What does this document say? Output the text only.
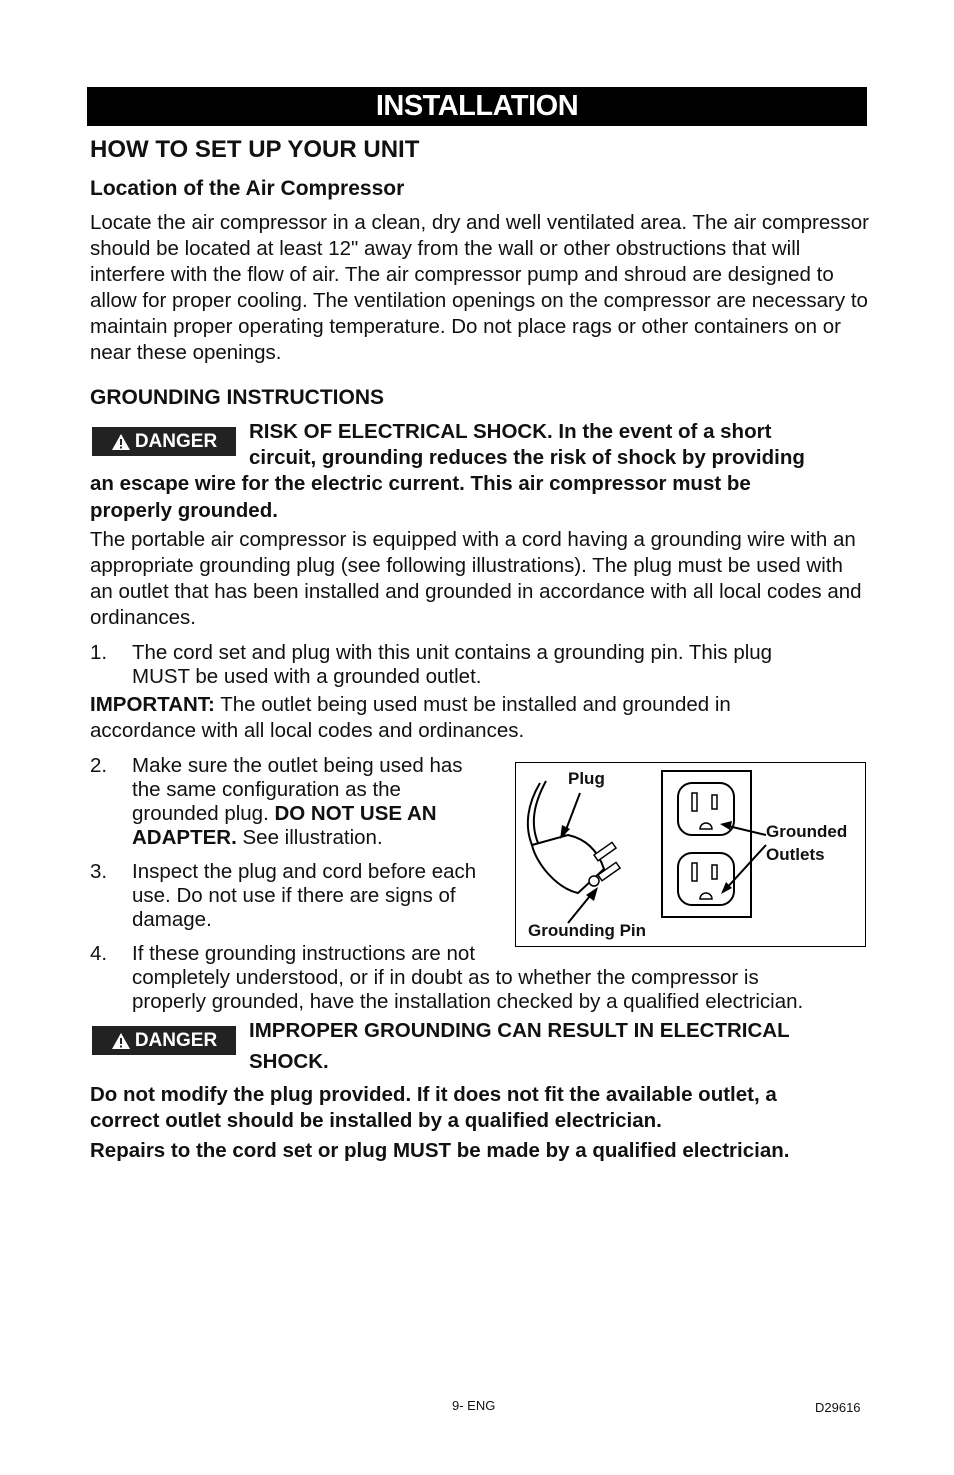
INSTALLATION
HOW TO SET UP YOUR UNIT
Location of the Air Compressor
Locate the air compressor in a clean, dry and well ventilated area. The air compressor should be located at least 12" away from the wall or other obstructions that will interfere with the flow of air. The air compressor pump and shroud are designed to allow for proper cooling. The ventilation openings on the compressor are necessary to maintain proper operating temperature. Do not place rags or other containers on or near these openings.
GROUNDING INSTRUCTIONS
DANGER RISK OF ELECTRICAL SHOCK. In the event of a short
circuit, grounding reduces the risk of shock by providing
an escape wire for the electric current. This air compressor must be
properly grounded.
The portable air compressor is equipped with a cord having a grounding wire with an appropriate grounding plug (see following illustrations). The plug must be used with an outlet that has been installed and grounded in accordance with all local codes and ordinances.
1. The cord set and plug with this unit contains a grounding pin. This plug
MUST be used with a grounded outlet.
IMPORTANT: The outlet being used must be installed and grounded in
accordance with all local codes and ordinances.
2. Make sure the outlet being used has
the same configuration as the
grounded plug. DO NOT USE AN
ADAPTER. See illustration.
3. Inspect the plug and cord before each
use. Do not use if there are signs of
damage.
4. If these grounding instructions are not
completely understood, or if in doubt as to whether the compressor is
properly grounded, have the installation checked by a qualified electrician.
Plug
Grounding Pin
Grounded
Outlets
DANGER IMPROPER GROUNDING CAN RESULT IN ELECTRICAL
SHOCK.
Do not modify the plug provided. If it does not fit the available outlet, a
correct outlet should be installed by a qualified electrician.
Repairs to the cord set or plug MUST be made by a qualified electrician.
9- ENG	D29616
